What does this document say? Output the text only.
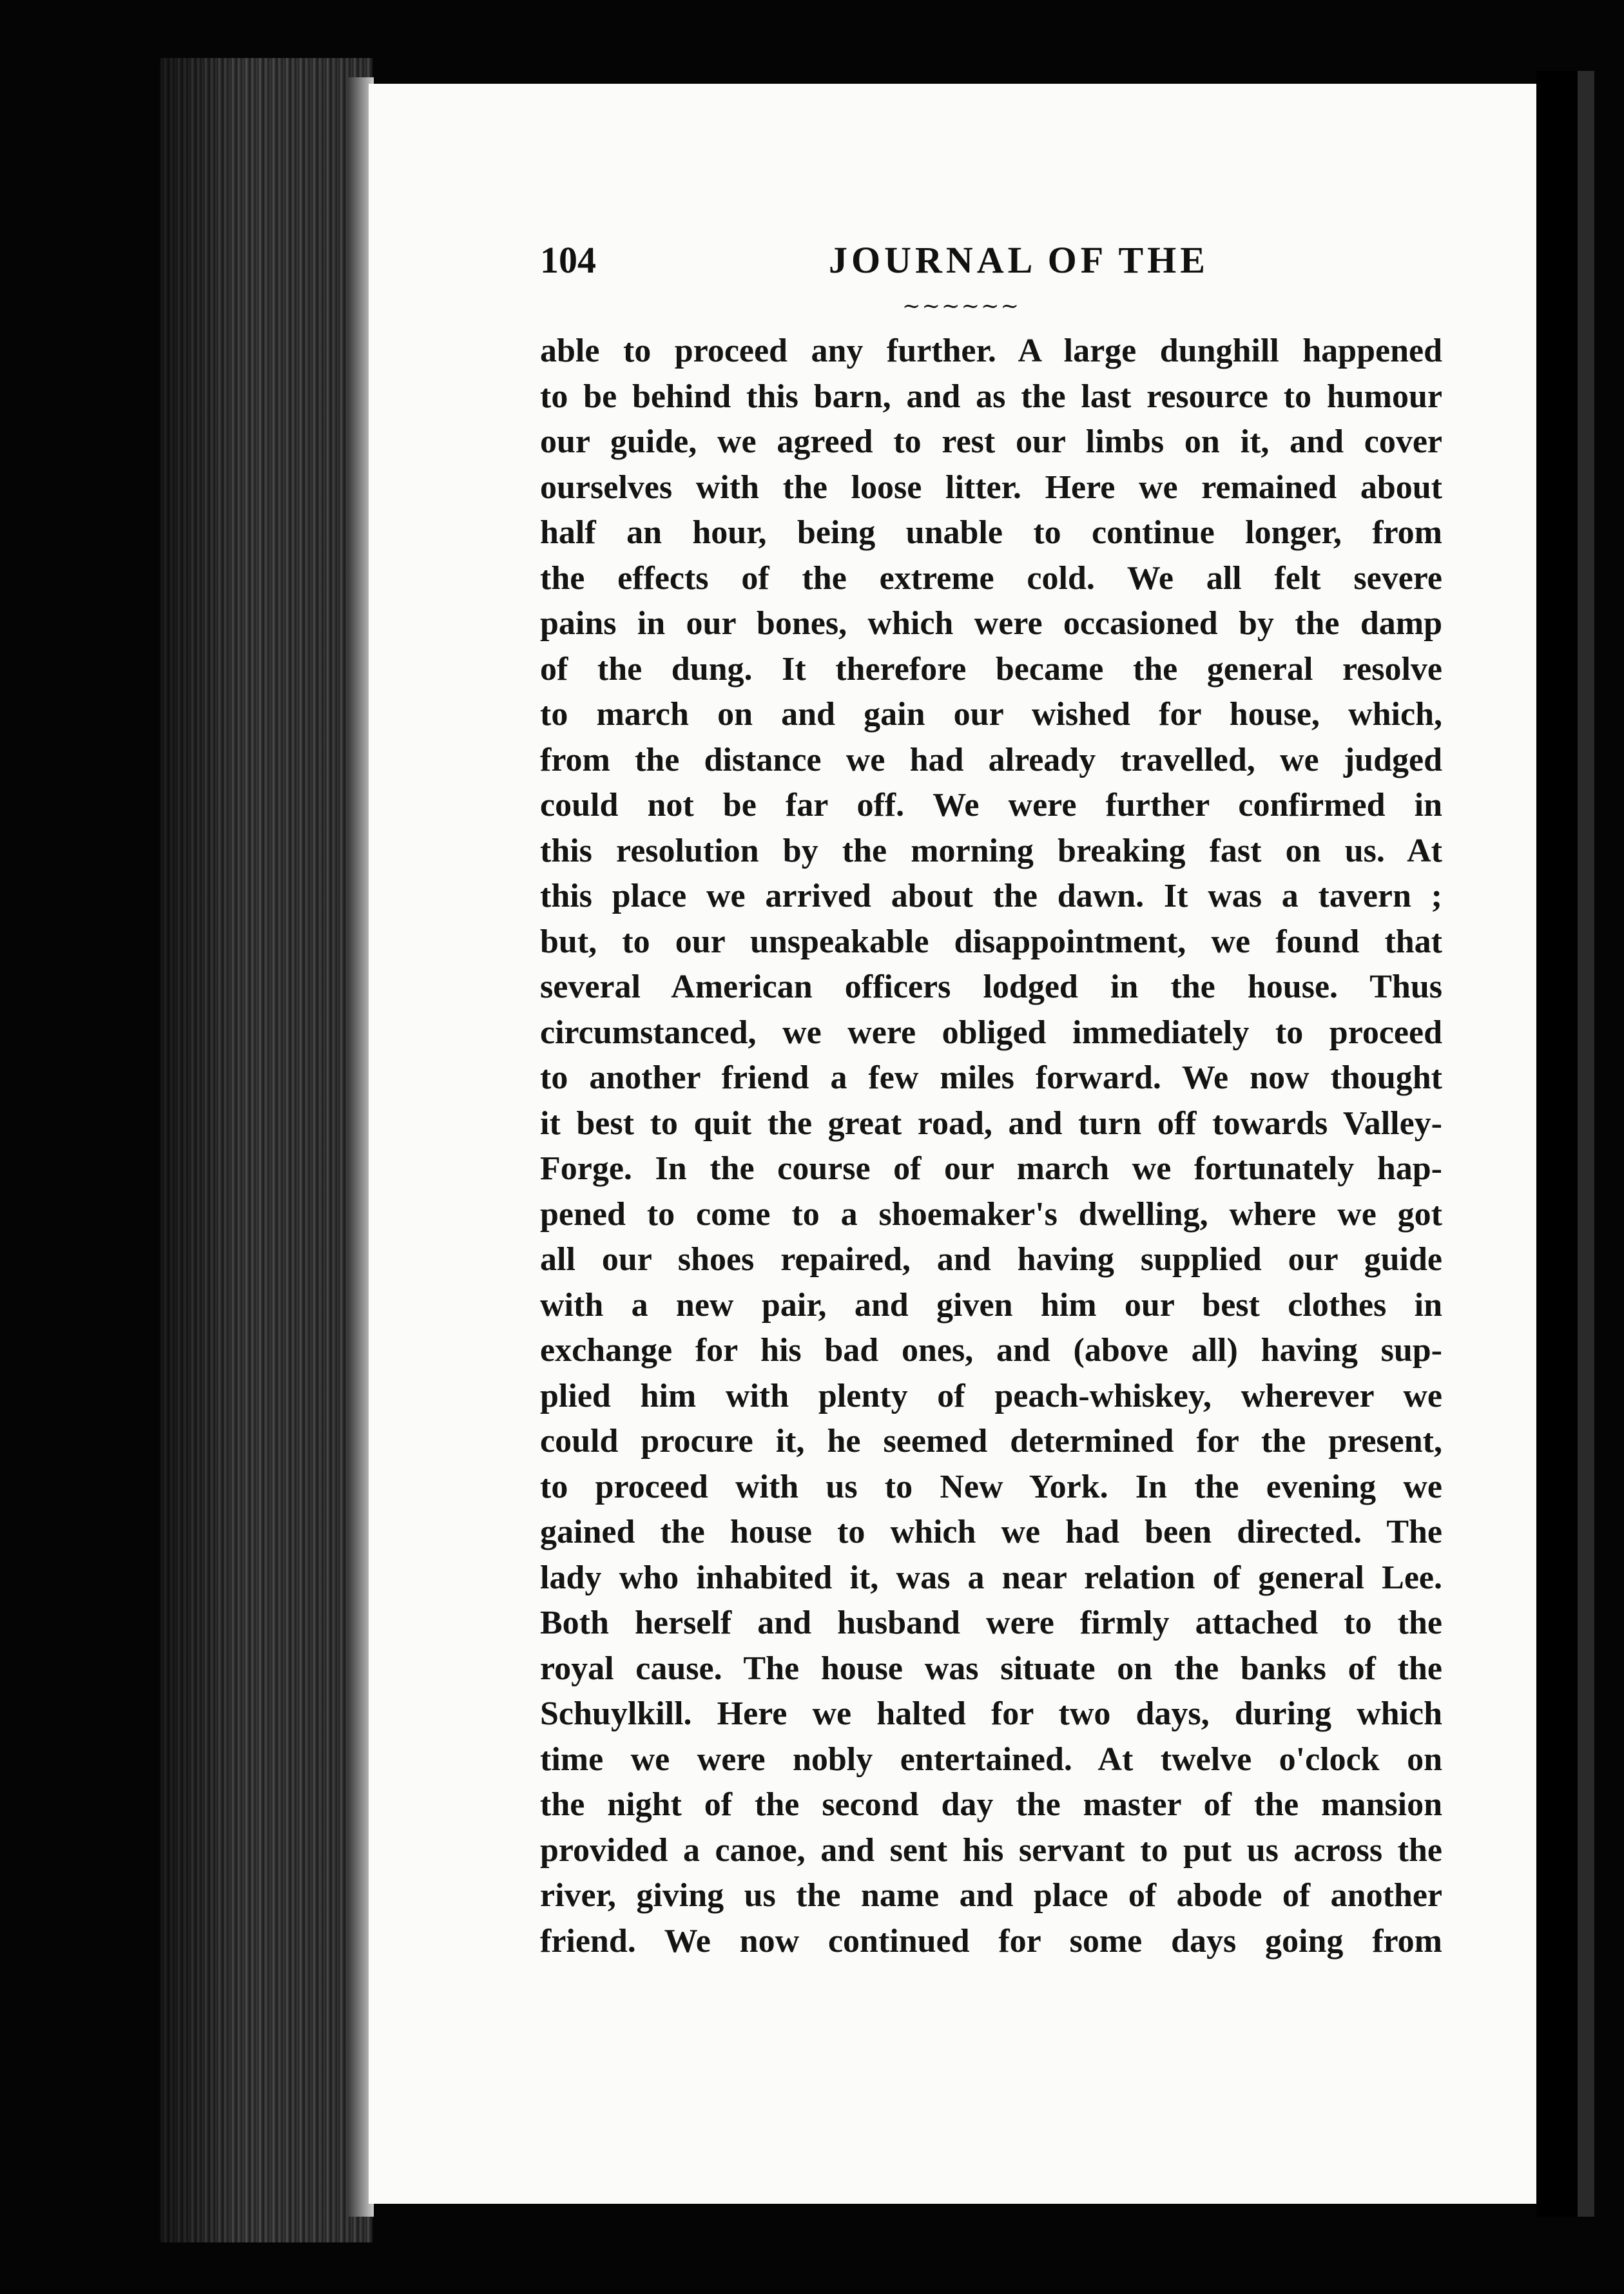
104	JOURNAL OF THE
~~~~~~
able to proceed any further. A large dunghill happened
to be behind this barn, and as the last resource to humour
our guide, we agreed to rest our limbs on it, and cover
ourselves with the loose litter. Here we remained about
half an hour, being unable to continue longer, from
the effects of the extreme cold. We all felt severe
pains in our bones, which were occasioned by the damp
of the dung. It therefore became the general resolve
to march on and gain our wished for house, which,
from the distance we had already travelled, we judged
could not be far off. We were further confirmed in
this resolution by the morning breaking fast on us. At
this place we arrived about the dawn. It was a tavern ;
but, to our unspeakable disappointment, we found that
several American officers lodged in the house. Thus
circumstanced, we were obliged immediately to proceed
to another friend a few miles forward. We now thought
it best to quit the great road, and turn off towards Valley-
Forge. In the course of our march we fortunately hap-
pened to come to a shoemaker's dwelling, where we got
all our shoes repaired, and having supplied our guide
with a new pair, and given him our best clothes in
exchange for his bad ones, and (above all) having sup-
plied him with plenty of peach-whiskey, wherever we
could procure it, he seemed determined for the present,
to proceed with us to New York. In the evening we
gained the house to which we had been directed. The
lady who inhabited it, was a near relation of general Lee.
Both herself and husband were firmly attached to the
royal cause. The house was situate on the banks of the
Schuylkill. Here we halted for two days, during which
time we were nobly entertained. At twelve o'clock on
the night of the second day the master of the mansion
provided a canoe, and sent his servant to put us across the
river, giving us the name and place of abode of another
friend. We now continued for some days going from
